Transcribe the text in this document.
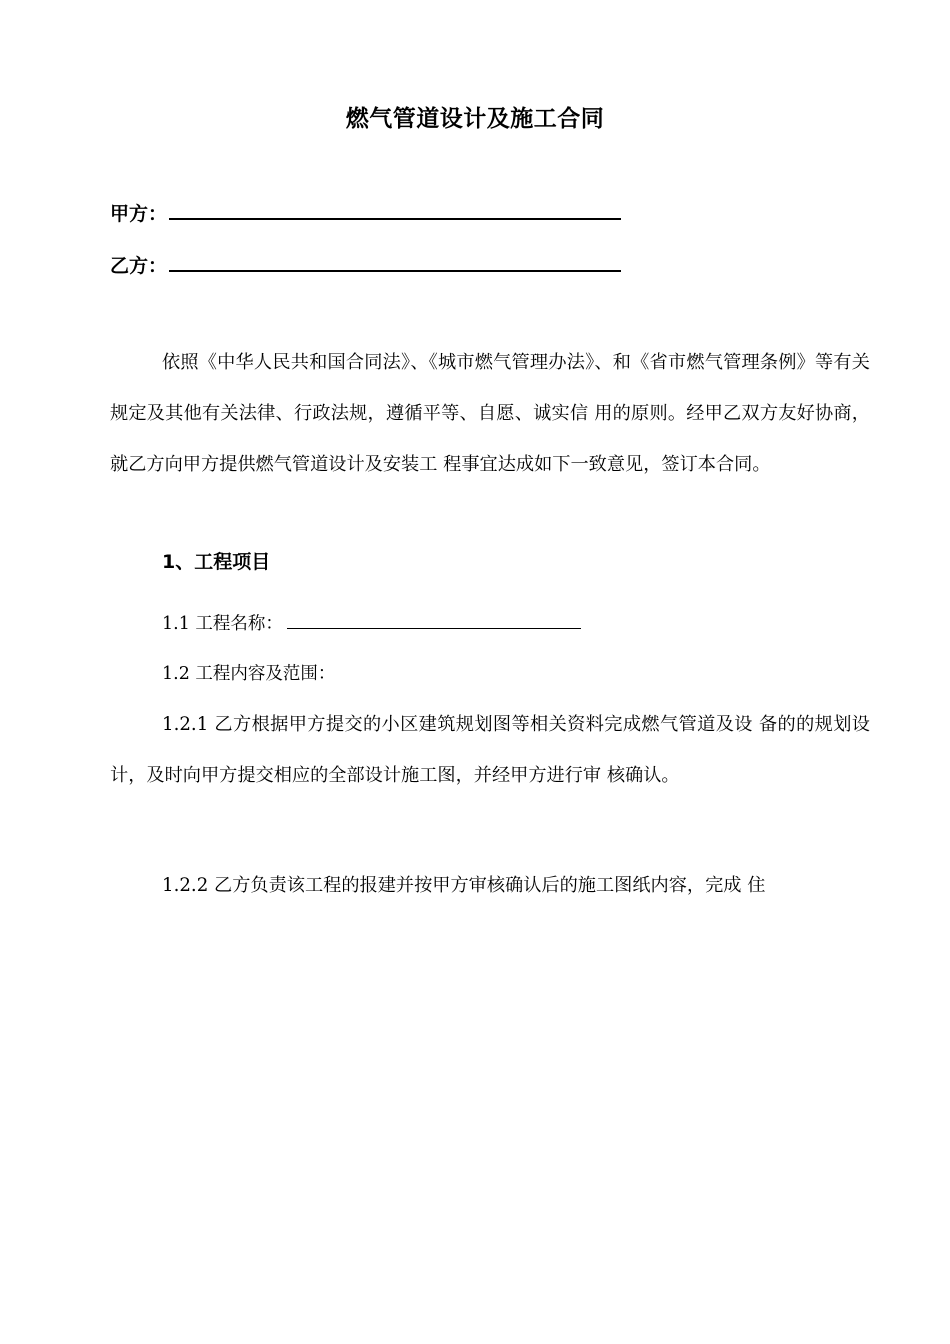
燃气管道设计及施工合同
甲方：
乙方：

依照《中华人民共和国合同法》、《城市燃气管理办法》、和《省市燃气管理条例》等有关规定及其他有关法律、行政法规，遵循平等、自愿、诚实信 用的原则。经甲乙双方友好协商，就乙方向甲方提供燃气管道设计及安装工 程事宜达成如下一致意见，签订本合同。

1、工程项目
1.1 工程名称：
1.2 工程内容及范围：

1.2.1 乙方根据甲方提交的小区建筑规划图等相关资料完成燃气管道及设 备的的规划设计，及时向甲方提交相应的全部设计施工图，并经甲方进行审 核确认。

1.2.2 乙方负责该工程的报建并按甲方审核确认后的施工图纸内容，完成 住
